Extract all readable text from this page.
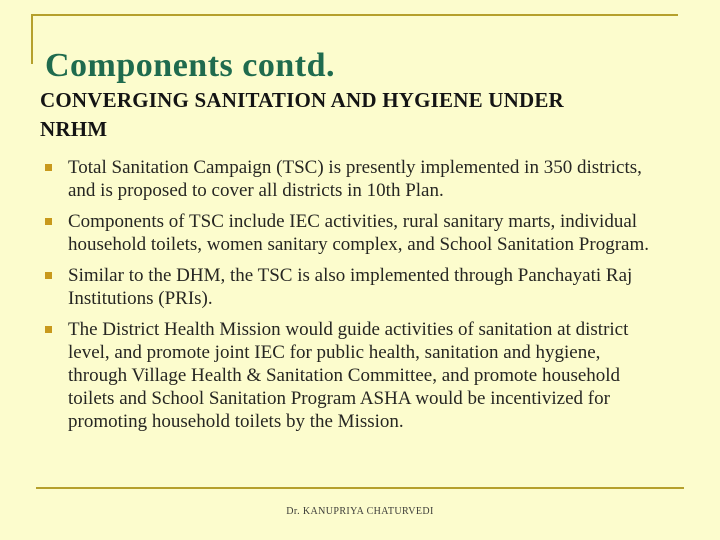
Components contd.
CONVERGING SANITATION AND HYGIENE UNDER
NRHM
Total Sanitation Campaign (TSC) is presently implemented in 350 districts, and is proposed to cover all districts in 10th Plan.
Components of TSC include IEC activities, rural sanitary marts, individual household toilets, women sanitary complex, and School Sanitation Program.
Similar to the DHM, the TSC is also implemented through Panchayati Raj Institutions (PRIs).
The District Health Mission would guide activities of sanitation at district level, and promote joint IEC for public health, sanitation and hygiene, through Village Health & Sanitation Committee, and promote household toilets and School Sanitation Program ASHA would be incentivized for promoting household toilets by the Mission.
Dr. KANUPRIYA CHATURVEDI
